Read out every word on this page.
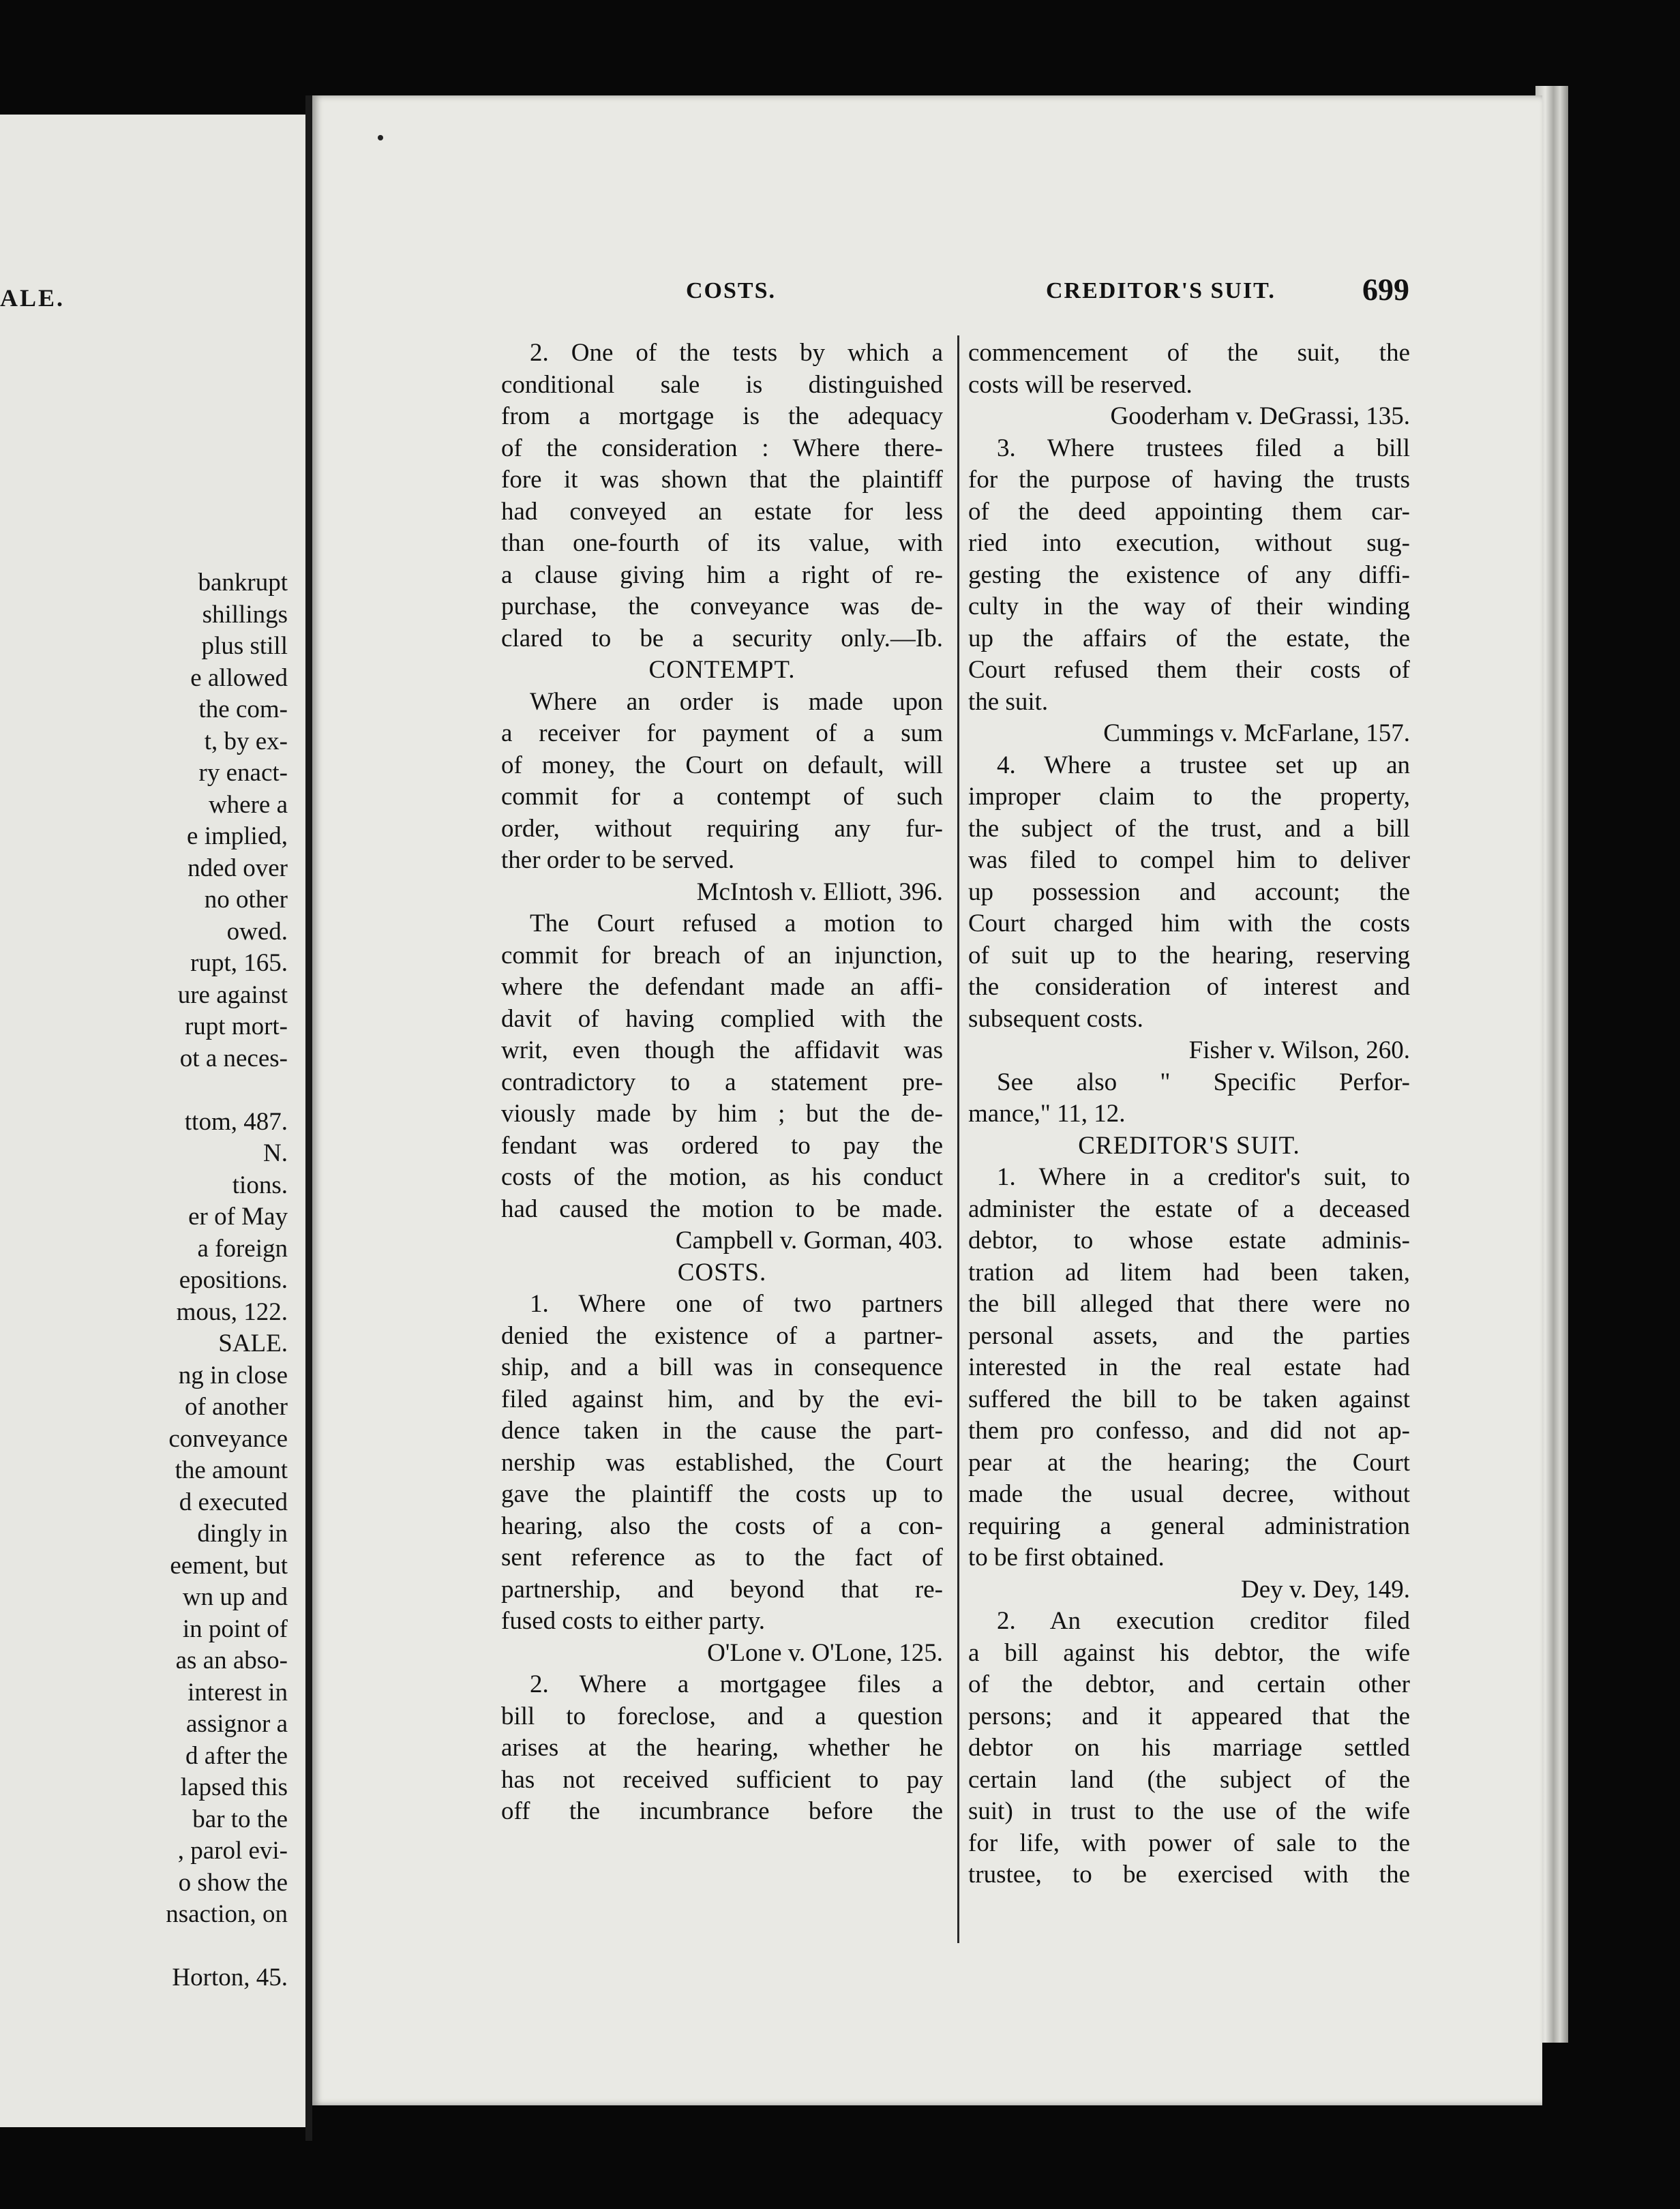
ALE.
bankrupt
shillings
plus still
e allowed
the com-
t, by ex-
ry enact-
where a
e implied,
nded over
no other
owed.
rupt, 165.
ure against
rupt mort-
ot a neces-
ttom, 487.
N.
tions.
er of May
a foreign
epositions.
mous, 122.
SALE.
ng in close
of another
conveyance
the amount
d executed
dingly in
eement, but
wn up and
in point of
as an abso-
interest in
assignor a
d after the
lapsed this
bar to the
, parol evi-
o show the
nsaction, on
Horton, 45.
COSTS.	CREDITOR'S SUIT.	699
2. One of the tests by which a
conditional sale is distinguished
from a mortgage is the adequacy
of the consideration : Where there-
fore it was shown that the plaintiff
had conveyed an estate for less
than one-fourth of its value, with
a clause giving him a right of re-
purchase, the conveyance was de-
clared to be a security only.—Ib.
CONTEMPT.
Where an order is made upon
a receiver for payment of a sum
of money, the Court on default, will
commit for a contempt of such
order, without requiring any fur-
ther order to be served.
McIntosh v. Elliott, 396.
The Court refused a motion to
commit for breach of an injunction,
where the defendant made an affi-
davit of having complied with the
writ, even though the affidavit was
contradictory to a statement pre-
viously made by him ; but the de-
fendant was ordered to pay the
costs of the motion, as his conduct
had caused the motion to be made.
Campbell v. Gorman, 403.
COSTS.
1. Where one of two partners
denied the existence of a partner-
ship, and a bill was in consequence
filed against him, and by the evi-
dence taken in the cause the part-
nership was established, the Court
gave the plaintiff the costs up to
hearing, also the costs of a con-
sent reference as to the fact of
partnership, and beyond that re-
fused costs to either party.
O'Lone v. O'Lone, 125.
2. Where a mortgagee files a
bill to foreclose, and a question
arises at the hearing, whether he
has not received sufficient to pay
off the incumbrance before the
commencement of the suit, the
costs will be reserved.
Gooderham v. DeGrassi, 135.
3. Where trustees filed a bill
for the purpose of having the trusts
of the deed appointing them car-
ried into execution, without sug-
gesting the existence of any diffi-
culty in the way of their winding
up the affairs of the estate, the
Court refused them their costs of
the suit.
Cummings v. McFarlane, 157.
4. Where a trustee set up an
improper claim to the property,
the subject of the trust, and a bill
was filed to compel him to deliver
up possession and account; the
Court charged him with the costs
of suit up to the hearing, reserving
the consideration of interest and
subsequent costs.
Fisher v. Wilson, 260.
See also " Specific Perfor-
mance," 11, 12.
CREDITOR'S SUIT.
1. Where in a creditor's suit, to
administer the estate of a deceased
debtor, to whose estate adminis-
tration ad litem had been taken,
the bill alleged that there were no
personal assets, and the parties
interested in the real estate had
suffered the bill to be taken against
them pro confesso, and did not ap-
pear at the hearing; the Court
made the usual decree, without
requiring a general administration
to be first obtained.
Dey v. Dey, 149.
2. An execution creditor filed
a bill against his debtor, the wife
of the debtor, and certain other
persons; and it appeared that the
debtor on his marriage settled
certain land (the subject of the
suit) in trust to the use of the wife
for life, with power of sale to the
trustee, to be exercised with the
